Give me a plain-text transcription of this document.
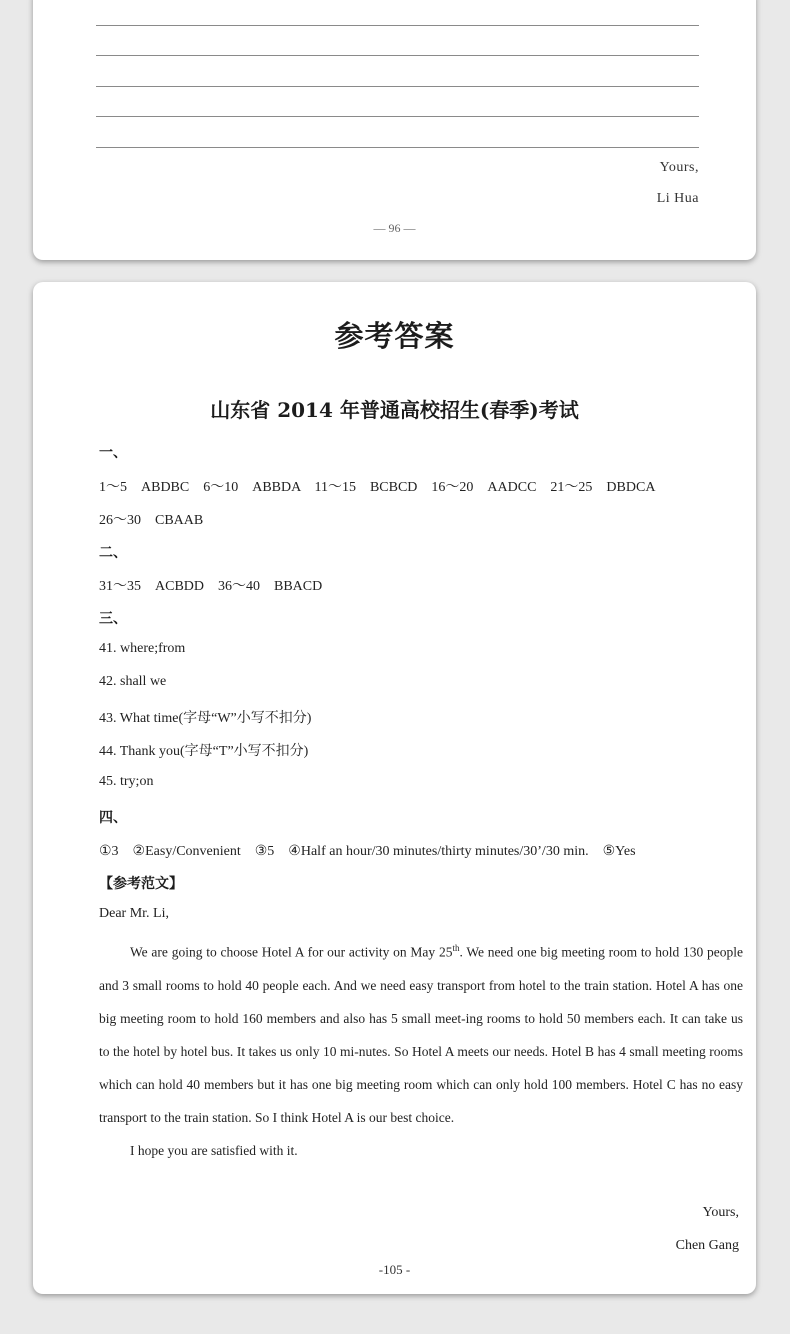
Yours,
Li Hua
— 96 —
参考答案
山东省 2014 年普通高校招生(春季)考试
一、
1～5　ABDBC　6～10　ABBDA　11～15　BCBCD　16～20　AADCC　21～25　DBDCA
26～30　CBAAB
二、
31～35　ACBDD　36～40　BBACD
三、
41. where;from
42. shall we
43. What time(字母“W”小写不扣分)
44. Thank you(字母“T”小写不扣分)
45. try;on
四、
①3　②Easy/Convenient　③5　④Half an hour/30 minutes/thirty minutes/30’/30 min.　⑤Yes
【参考范文】
Dear Mr. Li,

We are going to choose Hotel A for our activity on May 25th. We need one big meeting room to hold 130 people and 3 small rooms to hold 40 people each. And we need easy transport from hotel to the train station. Hotel A has one big meeting room to hold 160 members and also has 5 small meet-ing rooms to hold 50 members each. It can take us to the hotel by hotel bus. It takes us only 10 mi-nutes. So Hotel A meets our needs. Hotel B has 4 small meeting rooms which can hold 40 members but it has one big meeting room which can only hold 100 members. Hotel C has no easy transport to the train station. So I think Hotel A is our best choice.

I hope you are satisfied with it.

Yours,
Chen Gang
-105 -
